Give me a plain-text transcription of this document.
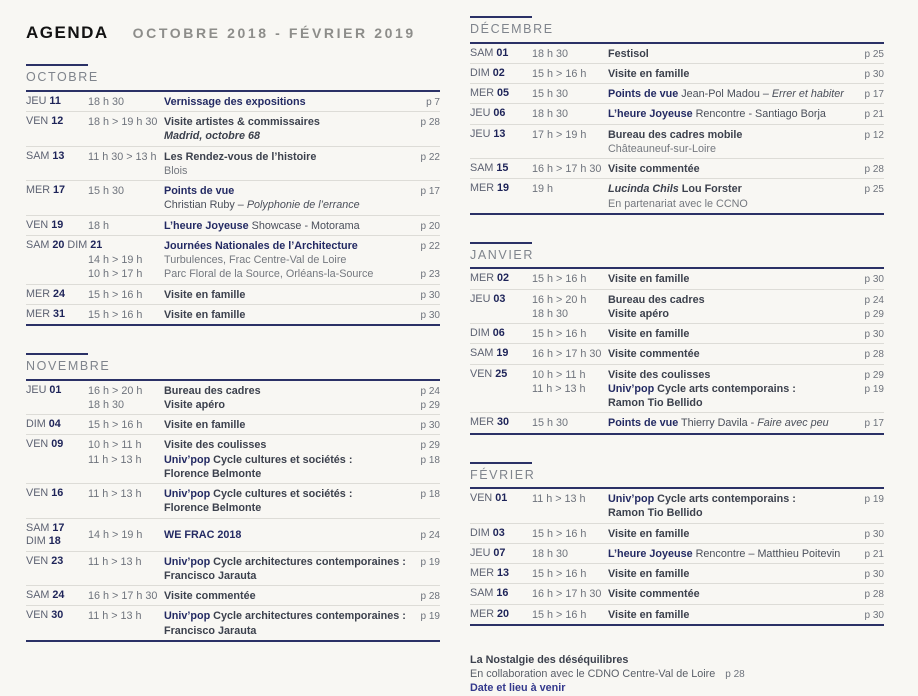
AGENDA OCTOBRE 2018 - FÉVRIER 2019
OCTOBRE
JEU 11	18 h 30	Vernissage des expositions	p 7
VEN 12	18 h > 19 h 30 Visite artistes & commissaires	p 28
Madrid, octobre 68
SAM 13	11 h 30 > 13 h Les Rendez-vous de l’histoire	p 22
Blois
MER 17	15 h 30	Points de vue	p 17
Christian Ruby – Polyphonie de l’errance
VEN 19	18 h	L’heure Joyeuse Showcase - Motorama	p 20
SAM 20 DIM 21	Journées Nationales de l’Architecture	p 22
14 h > 19 h	Turbulences, Frac Centre-Val de Loire
10 h > 17 h	Parc Floral de la Source, Orléans-la-Source	p 23
MER 24	15 h > 16 h	Visite en famille	p 30
MER 31	15 h > 16 h	Visite en famille	p 30
NOVEMBRE
JEU 01	16 h > 20 h	Bureau des cadres	p 24
18 h 30	Visite apéro	p 29
DIM 04	15 h > 16 h	Visite en famille	p 30
VEN 09	10 h > 11 h	Visite des coulisses	p 29
11 h > 13 h	Univ’pop Cycle cultures et sociétés :	p 18
Florence Belmonte
VEN 16	11 h > 13 h	Univ’pop Cycle cultures et sociétés :	p 18
Florence Belmonte
SAM 17
DIM 18
14 h > 19 h	WE FRAC 2018	p 24
VEN 23	11 h > 13 h	Univ’pop Cycle architectures contemporaines :	p 19
Francisco Jarauta
SAM 24	16 h > 17 h 30 Visite commentée	p 28
VEN 30	11 h > 13 h	Univ’pop Cycle architectures contemporaines :	p 19
Francisco Jarauta
DÉCEMBRE
SAM 01	18 h 30	Festisol	p 25
DIM 02	15 h > 16 h	Visite en famille	p 30
MER 05	15 h 30	Points de vue Jean-Pol Madou – Errer et habiter	p 17
JEU 06	18 h 30	L’heure Joyeuse Rencontre - Santiago Borja	p 21
JEU 13	17 h > 19 h	Bureau des cadres mobile	p 12
Châteauneuf-sur-Loire
SAM 15	16 h > 17 h 30 Visite commentée	p 28
MER 19	19 h	Lucinda Chils Lou Forster	p 25
En partenariat avec le CCNO
JANVIER
MER 02	15 h > 16 h	Visite en famille	p 30
JEU 03	16 h > 20 h	Bureau des cadres	p 24
18 h 30	Visite apéro	p 29
DIM 06	15 h > 16 h	Visite en famille	p 30
SAM 19	16 h > 17 h 30 Visite commentée	p 28
VEN 25	10 h > 11 h	Visite des coulisses	p 29
11 h > 13 h	Univ’pop Cycle arts contemporains :	p 19
Ramon Tio Bellido
MER 30	15 h 30	Points de vue Thierry Davila - Faire avec peu	p 17
FÉVRIER
VEN 01	11 h > 13 h	Univ’pop Cycle arts contemporains :	p 19
Ramon Tio Bellido
DIM 03	15 h > 16 h	Visite en famille	p 30
JEU 07	18 h 30	L’heure Joyeuse Rencontre – Matthieu Poitevin	p 21
MER 13	15 h > 16 h	Visite en famille	p 30
SAM 16	16 h > 17 h 30 Visite commentée	p 28
MER 20	15 h > 16 h	Visite en famille	p 30
La Nostalgie des déséquilibres
En collaboration avec le CDNO Centre-Val de Loire p 28
Date et lieu à venir
